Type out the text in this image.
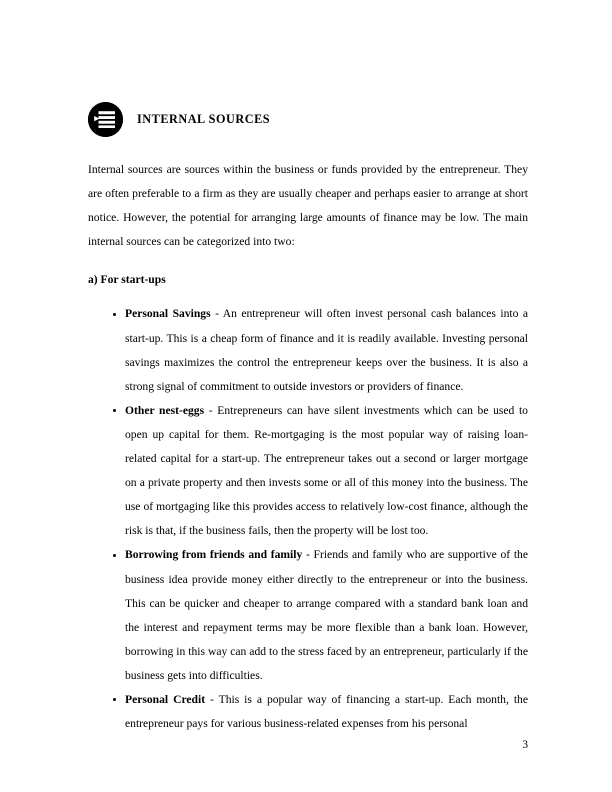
INTERNAL SOURCES

Internal sources are sources within the business or funds provided by the entrepreneur. They are often preferable to a firm as they are usually cheaper and perhaps easier to arrange at short notice. However, the potential for arranging large amounts of finance may be low. The main internal sources can be categorized into two:

a) For start-ups

Personal Savings - An entrepreneur will often invest personal cash balances into a start-up. This is a cheap form of finance and it is readily available. Investing personal savings maximizes the control the entrepreneur keeps over the business. It is also a strong signal of commitment to outside investors or providers of finance.
Other nest-eggs - Entrepreneurs can have silent investments which can be used to open up capital for them. Re-mortgaging is the most popular way of raising loan-related capital for a start-up. The entrepreneur takes out a second or larger mortgage on a private property and then invests some or all of this money into the business. The use of mortgaging like this provides access to relatively low-cost finance, although the risk is that, if the business fails, then the property will be lost too.
Borrowing from friends and family - Friends and family who are supportive of the business idea provide money either directly to the entrepreneur or into the business. This can be quicker and cheaper to arrange compared with a standard bank loan and the interest and repayment terms may be more flexible than a bank loan. However, borrowing in this way can add to the stress faced by an entrepreneur, particularly if the business gets into difficulties.
Personal Credit - This is a popular way of financing a start-up. Each month, the entrepreneur pays for various business-related expenses from his personal
3
